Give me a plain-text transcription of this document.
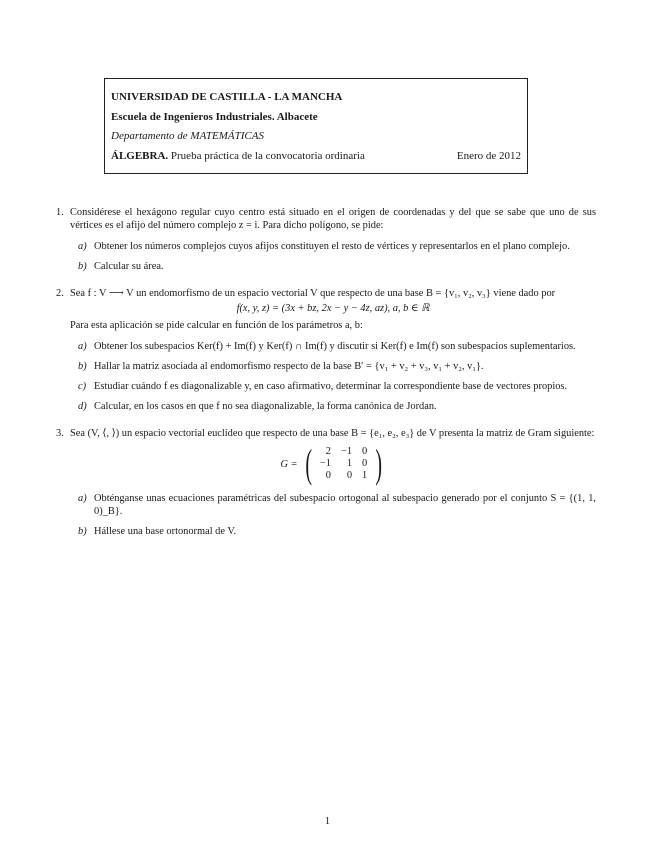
UNIVERSIDAD DE CASTILLA - LA MANCHA
Escuela de Ingenieros Industriales. Albacete
Departamento de MATEMÁTICAS
ÁLGEBRA. Prueba práctica de la convocatoria ordinaria	Enero de 2012
1. Considérese el hexágono regular cuyo centro está situado en el origen de coordenadas y del que se sabe que uno de sus vértices es el afijo del número complejo z = i. Para dicho polígono, se pide:
a) Obtener los números complejos cuyos afijos constituyen el resto de vértices y representarlos en el plano complejo.
b) Calcular su área.
2. Sea f : V ⟶ V un endomorfismo de un espacio vectorial V que respecto de una base B = {v₁, v₂, v₃} viene dado por
f(x, y, z) = (3x + bz, 2x − y − 4z, az), a, b ∈ ℝ
Para esta aplicación se pide calcular en función de los parámetros a, b:
a) Obtener los subespacios Ker(f) + Im(f) y Ker(f) ∩ Im(f) y discutir si Ker(f) e Im(f) son subespacios suplementarios.
b) Hallar la matriz asociada al endomorfismo respecto de la base B′ = {v₁ + v₂ + v₃, v₁ + v₂, v₁}.
c) Estudiar cuándo f es diagonalizable y, en caso afirmativo, determinar la correspondiente base de vectores propios.
d) Calcular, en los casos en que f no sea diagonalizable, la forma canónica de Jordan.
3. Sea (V, ⟨, ⟩) un espacio vectorial euclídeo que respecto de una base B = {e₁, e₂, e₃} de V presenta la matriz de Gram siguiente:
G = ( 2	−1	0
−1	1	0
0	0	1 )
a) Obténganse unas ecuaciones paramétricas del subespacio ortogonal al subespacio generado por el conjunto S = {(1, 1, 0)_B}.
b) Hállese una base ortonormal de V.
1
